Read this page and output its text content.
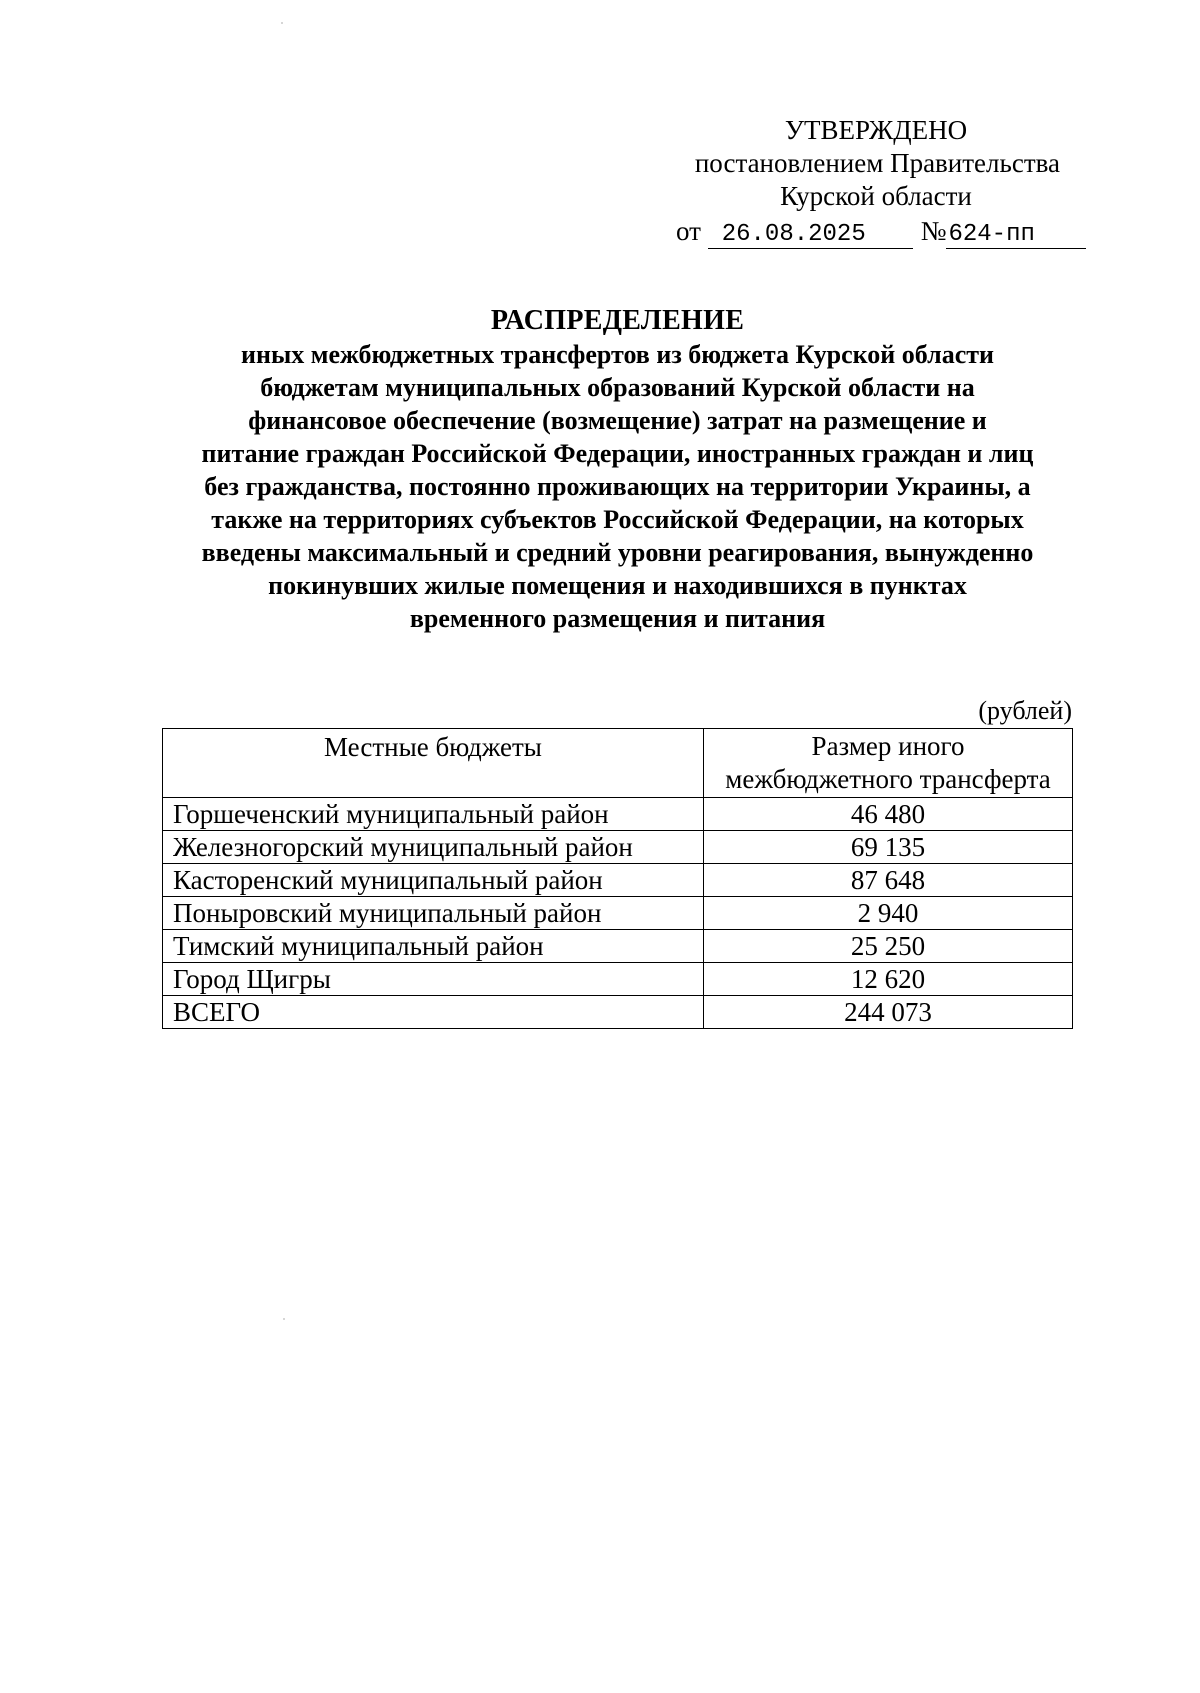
УТВЕРЖДЕНО
постановлением Правительства
Курской области
от 26.08.2025 №624-пп
РАСПРЕДЕЛЕНИЕ
иных межбюджетных трансфертов из бюджета Курской области
бюджетам муниципальных образований Курской области на
финансовое обеспечение (возмещение) затрат на размещение и
питание граждан Российской Федерации, иностранных граждан и лиц
без гражданства, постоянно проживающих на территории Украины, а
также на территориях субъектов Российской Федерации, на которых
введены максимальный и средний уровни реагирования, вынужденно
покинувших жилые помещения и находившихся в пунктах
временного размещения и питания
(рублей)
Местные бюджеты	Размер иного
межбюджетного трансферта

Горшеченский муниципальный район	46 480
Железногорский муниципальный район	69 135
Касторенский муниципальный район	87 648
Поныровский муниципальный район	2 940
Тимский муниципальный район	25 250
Город Щигры	12 620
ВСЕГО	244 073
